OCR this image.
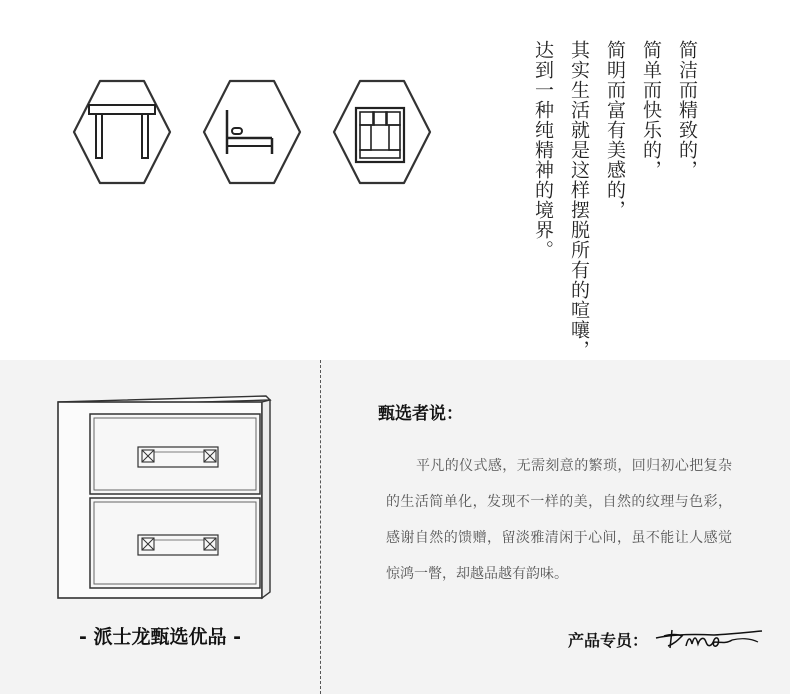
简洁而精致的，
简单而快乐的，
简明而富有美感的，
其实生活就是这样摆脱所有的喧嚷，
达到一种纯精神的境界。
- 派士龙甄选优品 -
甄选者说：

平凡的仪式感，无需刻意的繁琐，回归初心把复杂的生活简单化，发现不一样的美，自然的纹理与色彩，感谢自然的馈赠，留淡雅清闲于心间，虽不能让人感觉惊鸿一瞥，却越品越有韵味。

产品专员：
